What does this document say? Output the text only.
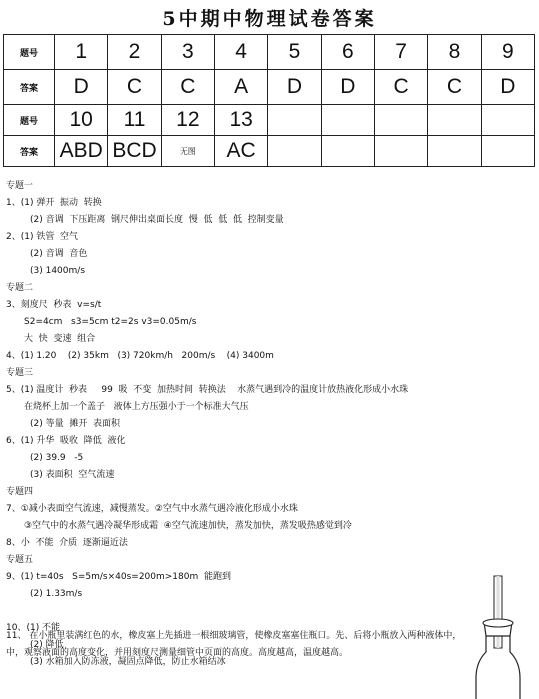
5中期中物理试卷答案
题号	1	2	3	4	5	6	7	8	9
答案	D	C	C	A	D	D	C	C	D
题号	10	11	12	13					
答案	ABD	BCD	无图	AC					
专题一
1、(1) 弹开  振动  转换
(2) 音调  下压距离  钢尺伸出桌面长度  慢  低  低  低  控制变量
2、(1) 铁管  空气
(2) 音调  音色
(3) 1400m/s
专题二
3、刻度尺  秒表  v=s/t
S2=4cm   s3=5cm t2=2s v3=0.05m/s
大  快  变速  组合
4、(1) 1.20    (2) 35km   (3) 720km/h   200m/s    (4) 3400m
专题三
5、(1) 温度计  秒表     99  吸  不变  加热时间  转换法    水蒸气遇到冷的温度计放热液化形成小水珠
在烧杯上加一个盖子   液体上方压强小于一个标准大气压
(2) 等量  摊开  表面积
6、(1) 升华  吸收  降低  液化
(2) 39.9   -5
(3) 表面积  空气流速
专题四
7、①减小表面空气流速，减慢蒸发。②空气中水蒸气遇冷液化形成小水珠
③空气中的水蒸气遇冷凝华形成霜  ④空气流速加快，蒸发加快，蒸发吸热感觉到冷
8、小  不能  介质  逐渐逼近法
专题五
9、(1) t=40s   S=5m/s×40s=200m>180m  能跑到
(2) 1.33m/s
10、(1) 不能
(2) 降低
(3) 水箱加入防冻液，凝固点降低，防止水箱结冰
11、 在小瓶里装满红色的水，橡皮塞上先插进一根细玻璃管，使橡皮塞塞住瓶口。先、后将小瓶放入两种液体中，中，观察液面的高度变化，并用刻度尺测量细管中页面的高度。高度越高，温度越高。
